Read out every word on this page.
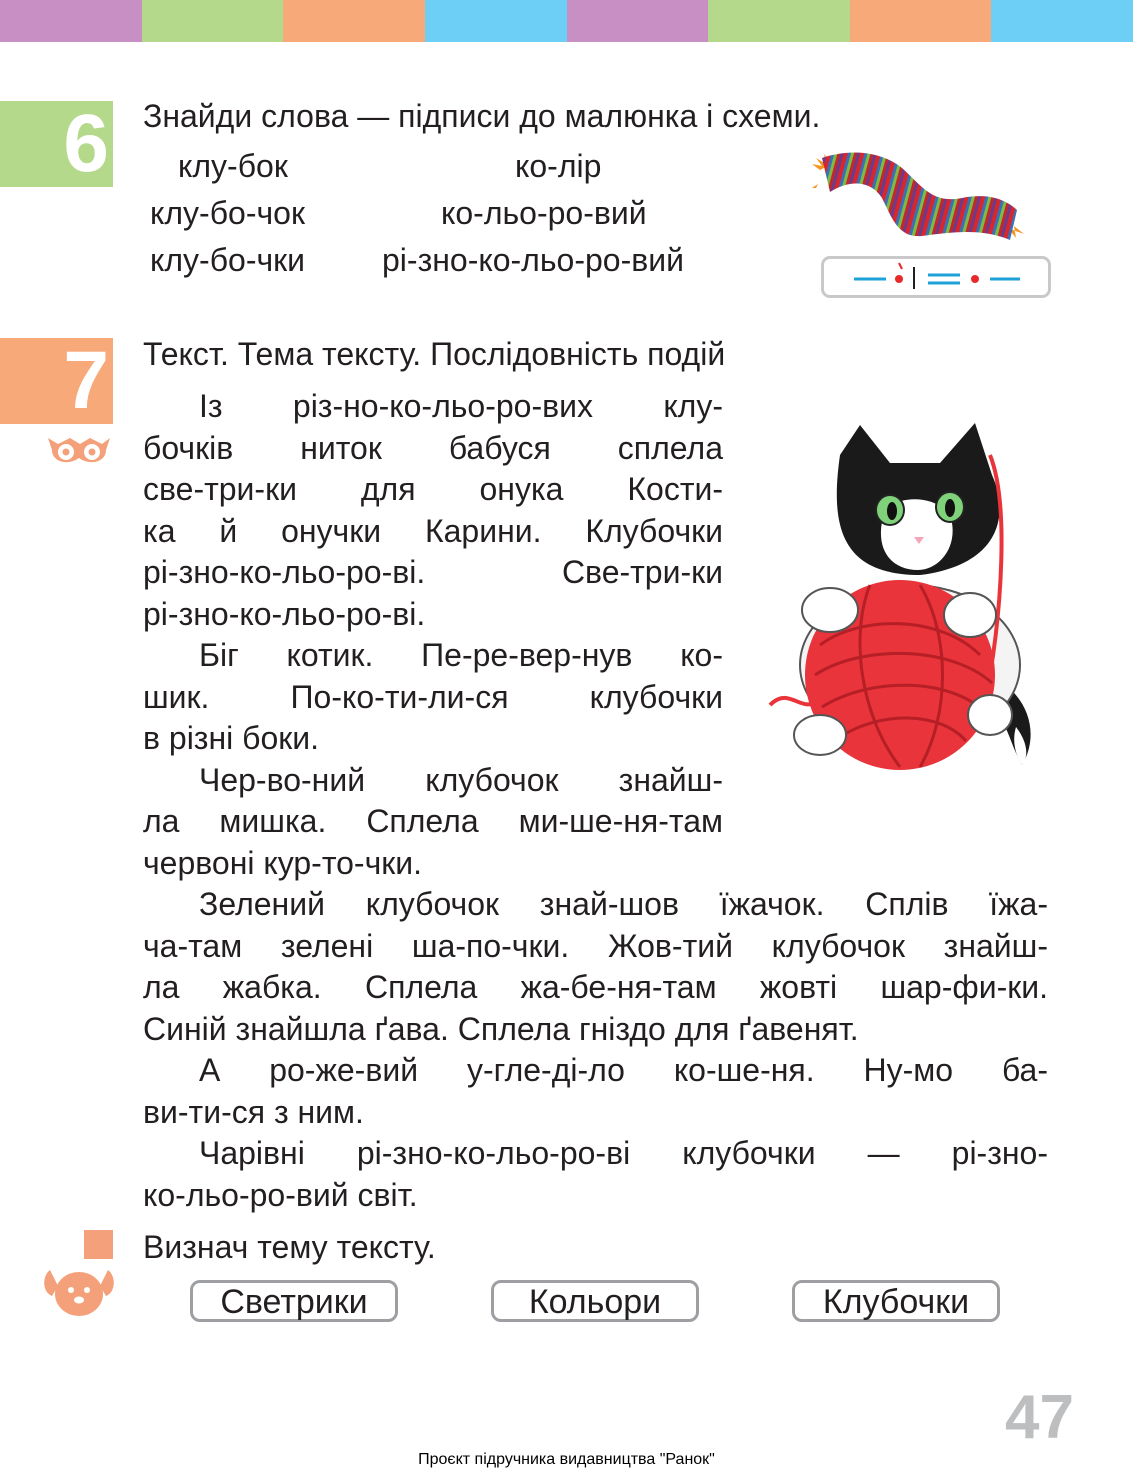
6 Знайди слова — підписи до малюнка і схеми.
клу-бок
клу-бо-чок
клу-бо-чки
ко-лір
ко-льо-ро-вий
рі-зно-ко-льо-ро-вий
7 Текст. Тема тексту. Послідовність подій
Із різ-но-ко-льо-ро-вих клу-
бочків ниток бабуся сплела
све-три-ки для онука Кости-
ка й онучки Карини. Клубочки
рі-зно-ко-льо-ро-ві. Све-три-ки
рі-зно-ко-льо-ро-ві.
Біг котик. Пе-ре-вер-нув ко-
шик. По-ко-ти-ли-ся клубочки
в різні боки.
Чер-во-ний клубочок знайш-
ла мишка. Сплела ми-ше-ня-там
червоні кур-то-чки.
Зелений клубочок знай-шов їжачок. Сплів їжа-
ча-там зелені ша-по-чки. Жов-тий клубочок знайш-
ла жабка. Сплела жа-бе-ня-там жовті шар-фи-ки.
Синій знайшла ґава. Сплела гніздо для ґавенят.
А ро-же-вий у-гле-ді-ло ко-ше-ня. Ну-мо ба-
ви-ти-ся з ним.
Чарівні рі-зно-ко-льо-ро-ві клубочки — рі-зно-
ко-льо-ро-вий світ.
Визнач тему тексту.
Светрики	Кольори	Клубочки
47
Проєкт підручника видавництва "Ранок"
